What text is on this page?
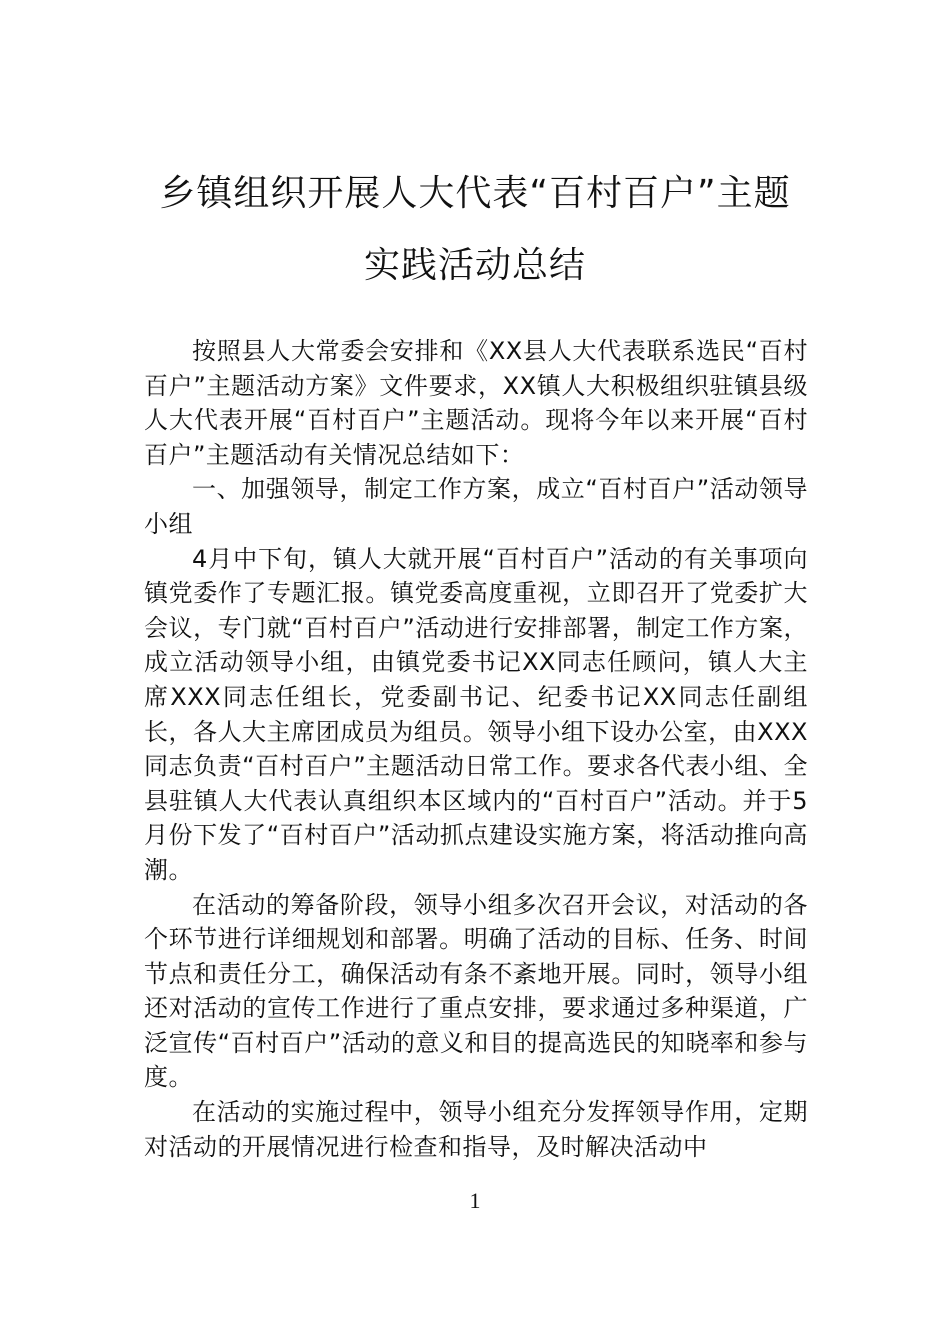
乡镇组织开展人大代表“百村百户”主题
实践活动总结

按照县人大常委会安排和《XX县人大代表联系选民“百村百户”主题活动方案》文件要求，XX镇人大积极组织驻镇县级人大代表开展“百村百户”主题活动。现将今年以来开展“百村百户”主题活动有关情况总结如下：

一、加强领导，制定工作方案，成立“百村百户”活动领导小组

4月中下旬，镇人大就开展“百村百户”活动的有关事项向镇党委作了专题汇报。镇党委高度重视，立即召开了党委扩大会议，专门就“百村百户”活动进行安排部署，制定工作方案，成立活动领导小组，由镇党委书记XX同志任顾问，镇人大主席XXX同志任组长，党委副书记、纪委书记XX同志任副组长，各人大主席团成员为组员。领导小组下设办公室，由XXX同志负责“百村百户”主题活动日常工作。要求各代表小组、全县驻镇人大代表认真组织本区域内的“百村百户”活动。并于5月份下发了“百村百户”活动抓点建设实施方案，将活动推向高潮。

在活动的筹备阶段，领导小组多次召开会议，对活动的各个环节进行详细规划和部署。明确了活动的目标、任务、时间节点和责任分工，确保活动有条不紊地开展。同时，领导小组还对活动的宣传工作进行了重点安排，要求通过多种渠道，广泛宣传“百村百户”活动的意义和目的提高选民的知晓率和参与度。

在活动的实施过程中，领导小组充分发挥领导作用，定期对活动的开展情况进行检查和指导，及时解决活动中

1
